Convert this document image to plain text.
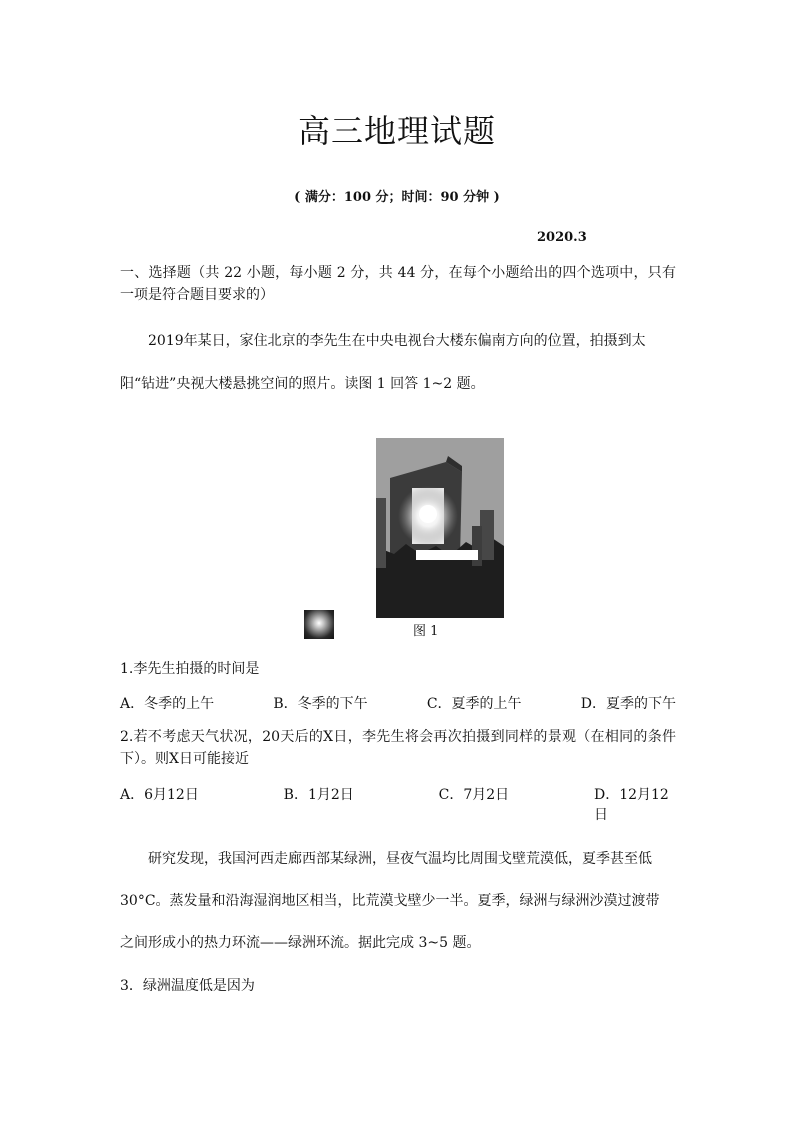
高三地理试题
( 满分：100 分；时间：90 分钟 )
2020.3
一、选择题（共 22 小题，每小题 2 分，共 44 分，在每个小题给出的四个选项中，只有一项是符合题目要求的）
2019年某日，家住北京的李先生在中央电视台大楼东偏南方向的位置，拍摄到太
阳“钻进”央视大楼悬挑空间的照片。读图 1 回答 1~2 题。
图 1
1.李先生拍摄的时间是
A．冬季的上午	B．冬季的下午	C．夏季的上午	D．夏季的下午
2.若不考虑天气状况，20天后的X日，李先生将会再次拍摄到同样的景观（在相同的条件下）。则X日可能接近
A．6月12日	B．1月2日	C．7月2日	D．12月12日
研究发现，我国河西走廊西部某绿洲，昼夜气温均比周围戈壁荒漠低，夏季甚至低
30°C。蒸发量和沿海湿润地区相当，比荒漠戈壁少一半。夏季，绿洲与绿洲沙漠过渡带
之间形成小的热力环流——绿洲环流。据此完成 3~5 题。
3．绿洲温度低是因为
